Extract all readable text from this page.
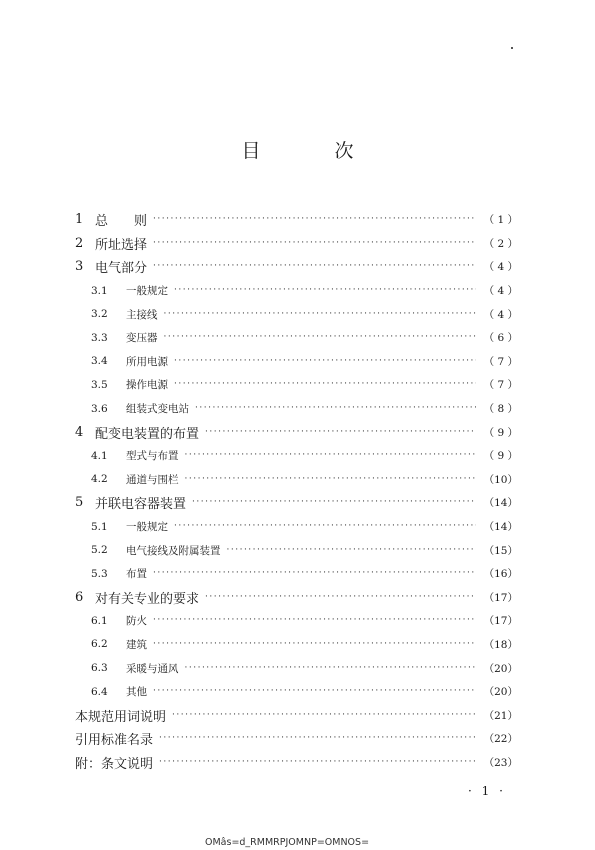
目 次
1 总　　则 ·····	（ 1 ）
2 所址选择 ·····	（ 2 ）
3 电气部分 ·····	（ 4 ）
3.1	一般规定 ·····	（ 4 ）
3.2	主接线 ·····	（ 4 ）
3.3	变压器 ·····	（ 6 ）
3.4	所用电源 ·····	（ 7 ）
3.5	操作电源 ·····	（ 7 ）
3.6	组装式变电站 ·····	（ 8 ）
4 配变电装置的布置 ·····	（ 9 ）
4.1	型式与布置 ·····	（ 9 ）
4.2	通道与围栏 ·····	（10）
5 并联电容器装置 ·····	（14）
5.1	一般规定 ·····	（14）
5.2	电气接线及附属装置 ·····	（15）
5.3	布置 ·····	（16）
6 对有关专业的要求 ·····	（17）
6.1	防火 ·····	（17）
6.2	建筑 ·····	（18）
6.3	采暖与通风 ·····	（20）
6.4	其他 ·····	（20）
本规范用词说明 ·····	（21）
引用标准名录 ·····	（22）
附：条文说明 ·····	（23）
· 1 ·
OMâs=d_RMMRPJOMNP=OMNOS=
